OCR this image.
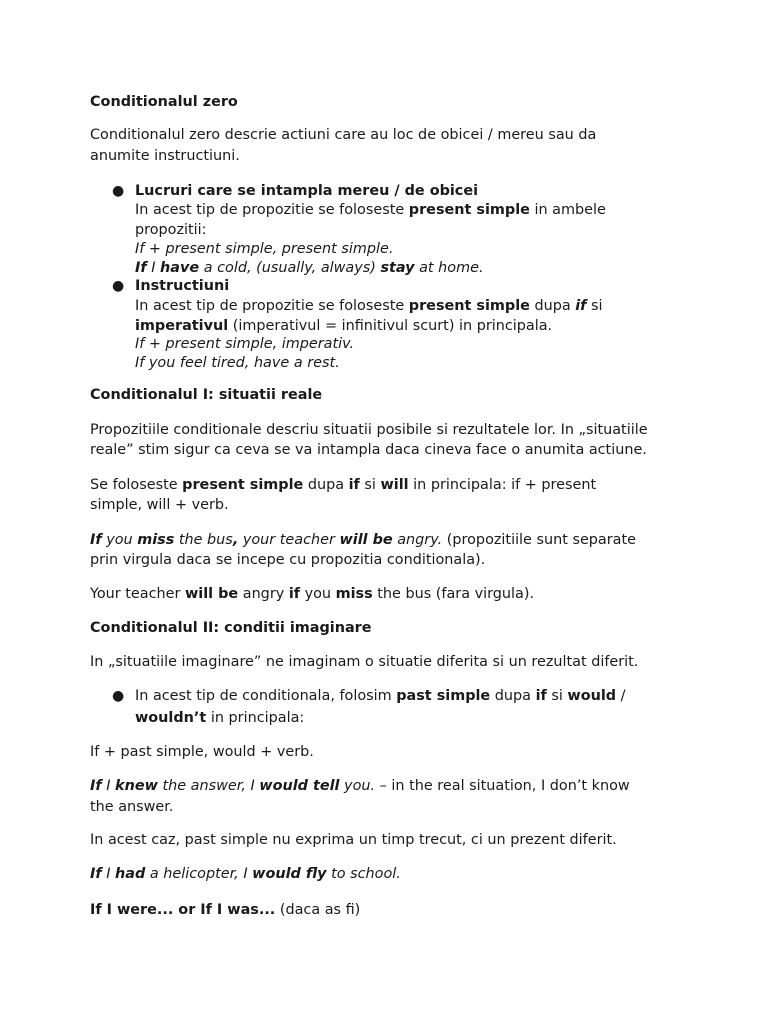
Conditionalul zero
Conditionalul zero descrie actiuni care au loc de obicei / mereu sau da
anumite instructiuni.
● Lucruri care se intampla mereu / de obicei
In acest tip de propozitie se foloseste present simple in ambele
propozitii:
If + present simple, present simple.
If I have a cold, (usually, always) stay at home.
● Instructiuni
In acest tip de propozitie se foloseste present simple dupa if si
imperativul (imperativul = infinitivul scurt) in principala.
If + present simple, imperativ.
If you feel tired, have a rest.
Conditionalul I: situatii reale
Propozitiile conditionale descriu situatii posibile si rezultatele lor. In „situatiile
reale” stim sigur ca ceva se va intampla daca cineva face o anumita actiune.
Se foloseste present simple dupa if si will in principala: if + present
simple, will + verb.
If you miss the bus, your teacher will be angry. (propozitiile sunt separate
prin virgula daca se incepe cu propozitia conditionala).
Your teacher will be angry if you miss the bus (fara virgula).
Conditionalul II: conditii imaginare
In „situatiile imaginare” ne imaginam o situatie diferita si un rezultat diferit.
● In acest tip de conditionala, folosim past simple dupa if si would /
wouldn’t in principala:
If + past simple, would + verb.
If I knew the answer, I would tell you. – in the real situation, I don’t know
the answer.
In acest caz, past simple nu exprima un timp trecut, ci un prezent diferit.
If I had a helicopter, I would fly to school.
If I were... or If I was... (daca as fi)
